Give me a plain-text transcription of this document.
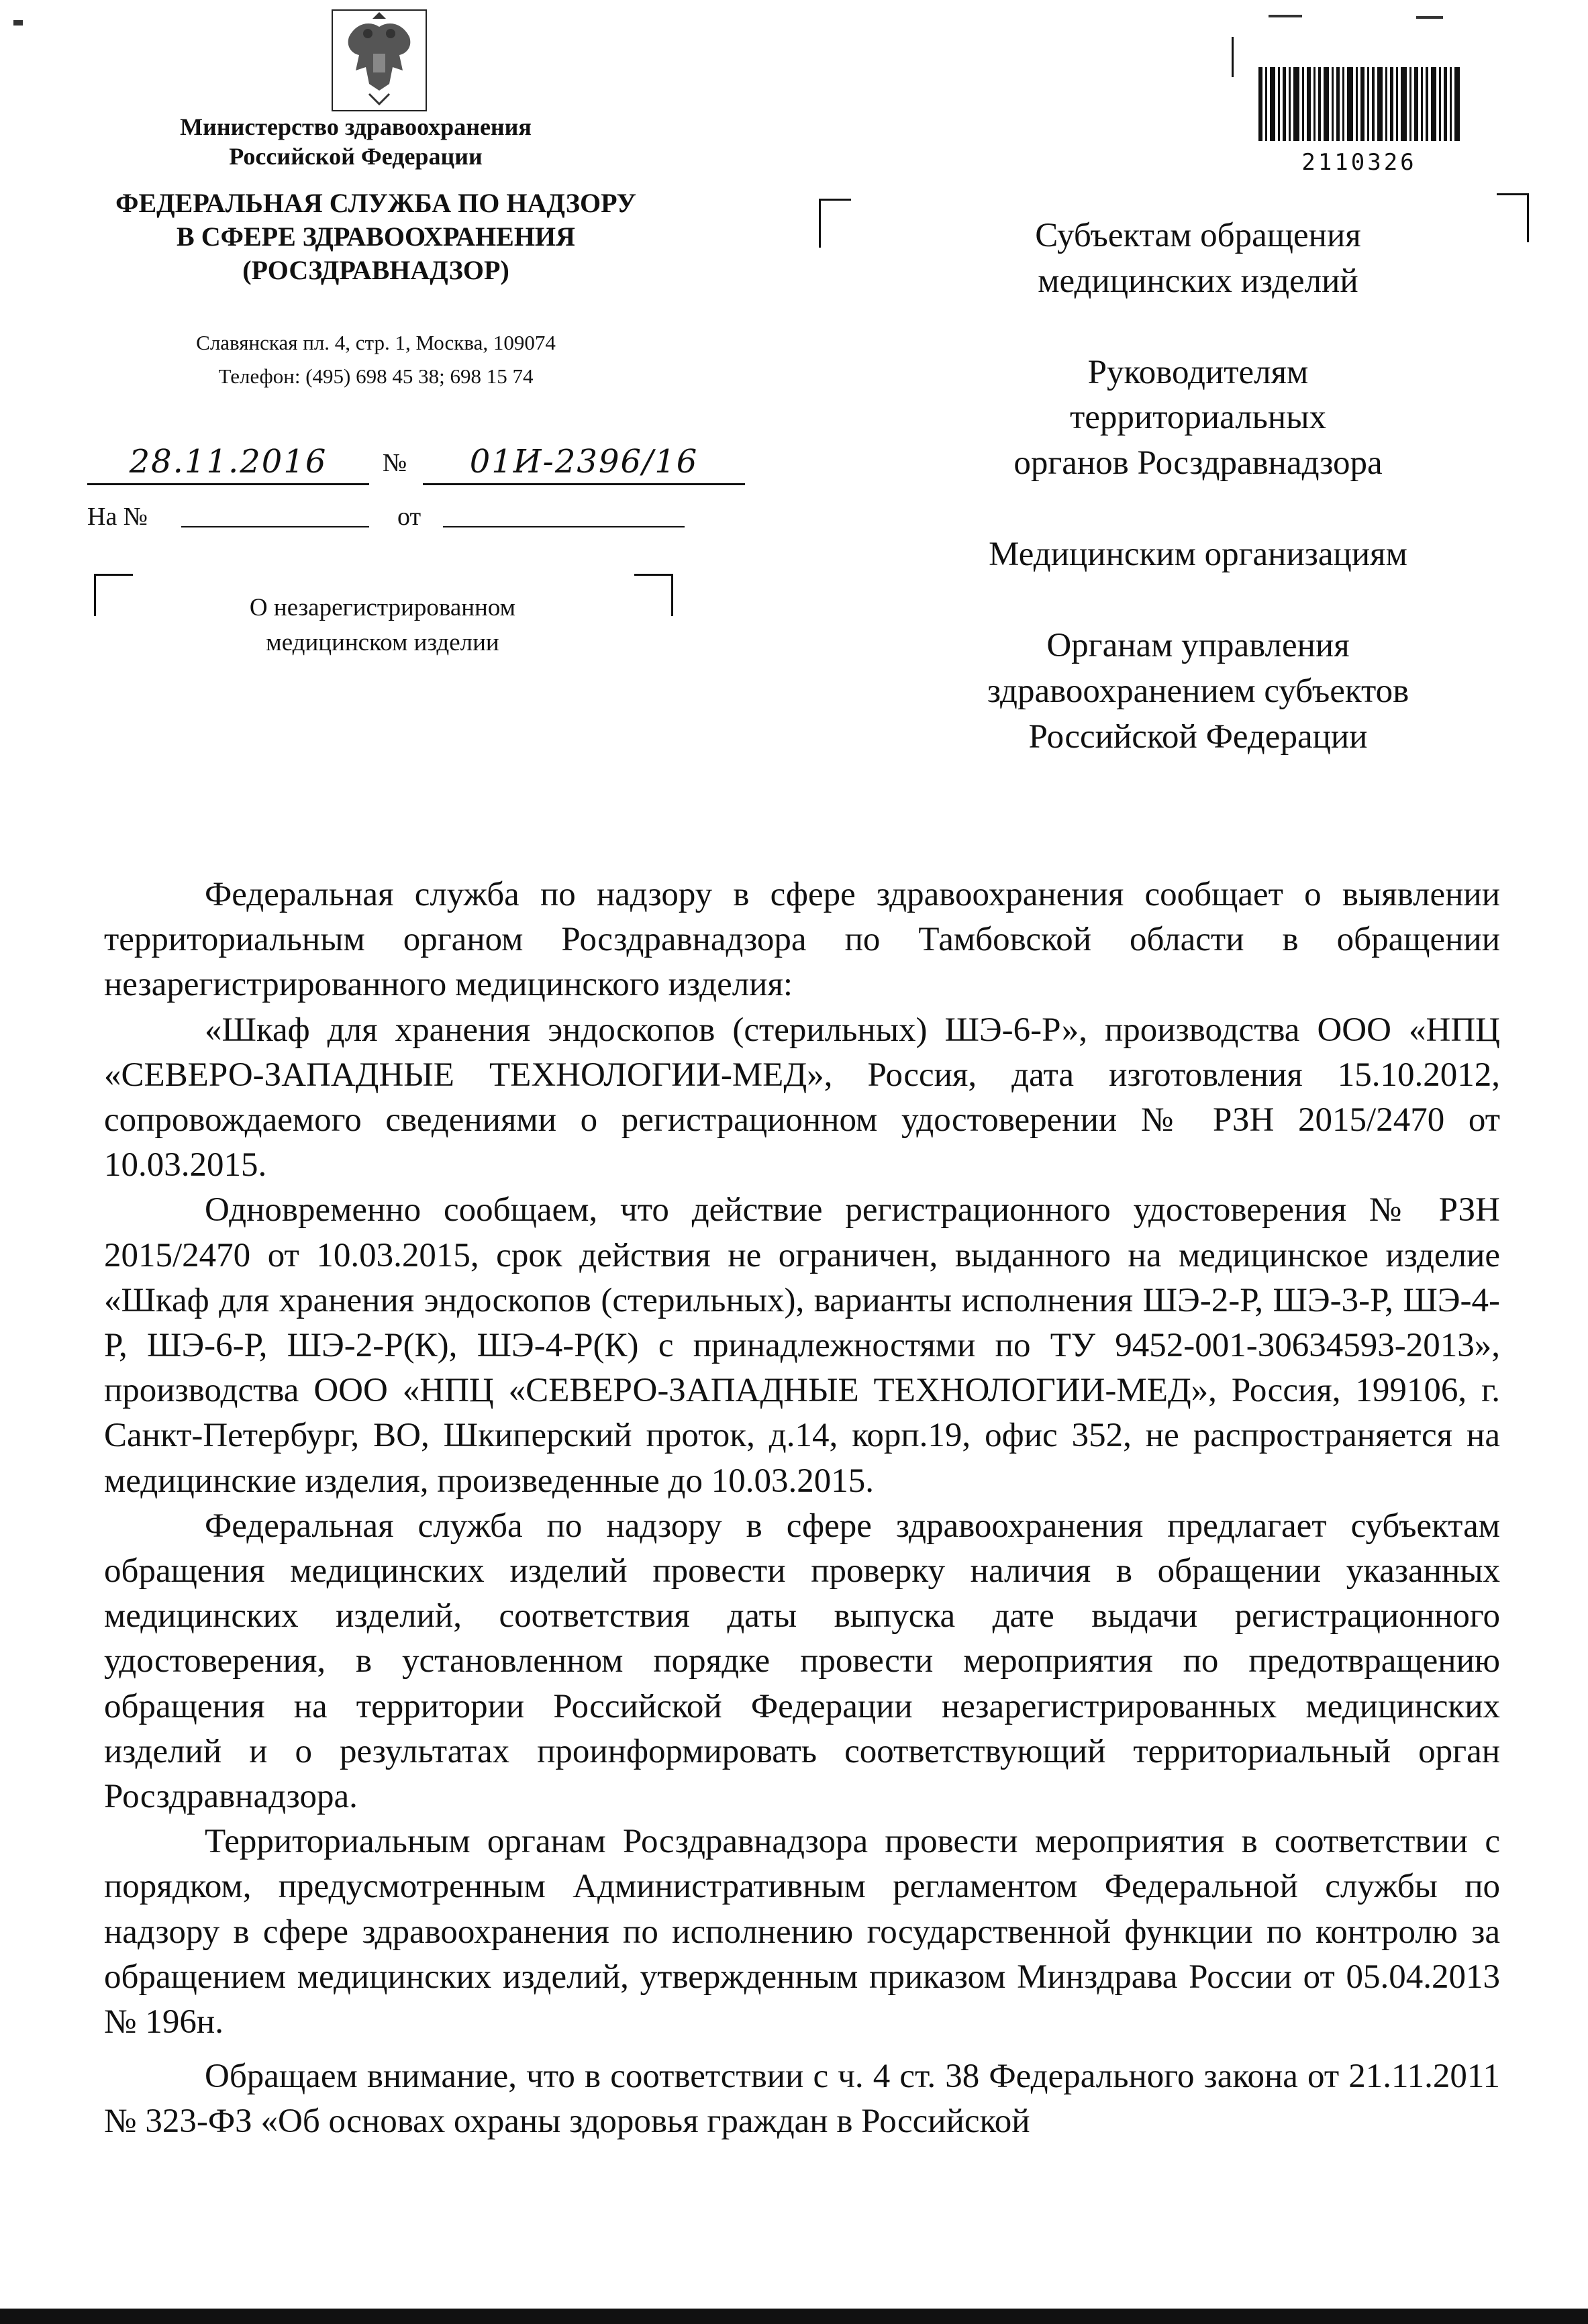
Министерство здравоохранения
Российской Федерации
ФЕДЕРАЛЬНАЯ СЛУЖБА ПО НАДЗОРУ
В СФЕРЕ ЗДРАВООХРАНЕНИЯ
(РОСЗДРАВНАДЗОР)
Славянская пл. 4, стр. 1, Москва, 109074
Телефон: (495) 698 45 38; 698 15 74
28.11.2016	№	01И-2396/16
На №	от
О незарегистрированном
медицинском изделии
2110326

Субъектам обращения
медицинских изделий

Руководителям
территориальных
органов Росздравнадзора

Медицинским организациям

Органам управления
здравоохранением субъектов
Российской Федерации

Федеральная служба по надзору в сфере здравоохранения сообщает о выявлении территориальным органом Росздравнадзора по Тамбовской области в обращении незарегистрированного медицинского изделия:

«Шкаф для хранения эндоскопов (стерильных) ШЭ-6-Р», производства ООО «НПЦ «СЕВЕРО-ЗАПАДНЫЕ ТЕХНОЛОГИИ-МЕД», Россия, дата изготовления 15.10.2012, сопровождаемого сведениями о регистрационном удостоверении № РЗН 2015/2470 от 10.03.2015.

Одновременно сообщаем, что действие регистрационного удостоверения № РЗН 2015/2470 от 10.03.2015, срок действия не ограничен, выданного на медицинское изделие «Шкаф для хранения эндоскопов (стерильных), варианты исполнения ШЭ-2-Р, ШЭ-3-Р, ШЭ-4-Р, ШЭ-6-Р, ШЭ-2-Р(К), ШЭ-4-Р(К) с принадлежностями по ТУ 9452-001-30634593-2013», производства ООО «НПЦ «СЕВЕРО-ЗАПАДНЫЕ ТЕХНОЛОГИИ-МЕД», Россия, 199106, г. Санкт-Петербург, ВО, Шкиперский проток, д.14, корп.19, офис 352, не распространяется на медицинские изделия, произведенные до 10.03.2015.

Федеральная служба по надзору в сфере здравоохранения предлагает субъектам обращения медицинских изделий провести проверку наличия в обращении указанных медицинских изделий, соответствия даты выпуска дате выдачи регистрационного удостоверения, в установленном порядке провести мероприятия по предотвращению обращения на территории Российской Федерации незарегистрированных медицинских изделий и о результатах проинформировать соответствующий территориальный орган Росздравнадзора.

Территориальным органам Росздравнадзора провести мероприятия в соответствии с порядком, предусмотренным Административным регламентом Федеральной службы по надзору в сфере здравоохранения по исполнению государственной функции по контролю за обращением медицинских изделий, утвержденным приказом Минздрава России от 05.04.2013 № 196н.

Обращаем внимание, что в соответствии с ч. 4 ст. 38 Федерального закона от 21.11.2011 № 323-ФЗ «Об основах охраны здоровья граждан в Российской
